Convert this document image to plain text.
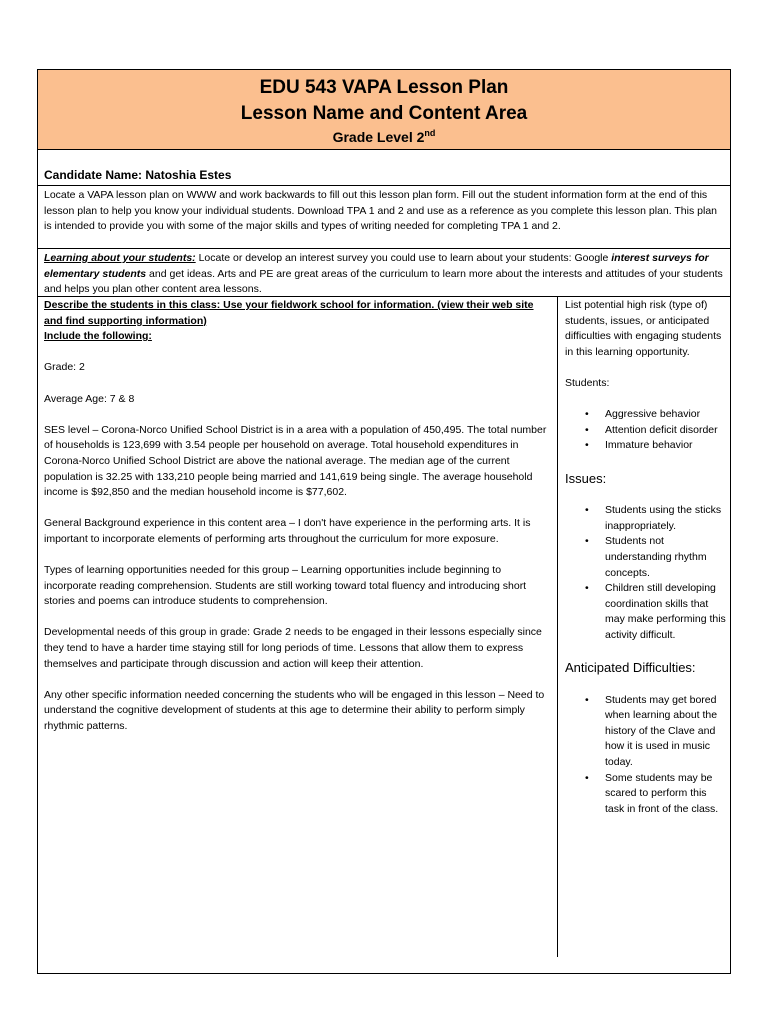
EDU 543 VAPA Lesson Plan
Lesson Name and Content Area
Grade Level 2nd
Candidate Name: Natoshia Estes
Locate a VAPA lesson plan on WWW and work backwards to fill out this lesson plan form. Fill out the student information form at the end of this lesson plan to help you know your individual students. Download TPA 1 and 2 and use as a reference as you complete this lesson plan. This plan is intended to provide you with some of the major skills and types of writing needed for completing TPA 1 and 2.
Learning about your students: Locate or develop an interest survey you could use to learn about your students: Google interest surveys for elementary students and get ideas. Arts and PE are great areas of the curriculum to learn more about the interests and attitudes of your students and helps you plan other content area lessons.

Describe the students in this class: Use your fieldwork school for information. (view their web site and find supporting information)

Include the following:

Grade: 2

Average Age: 7 & 8

SES level – Corona-Norco Unified School District is in a area with a population of 450,495. The total number of households is 123,699 with 3.54 people per household on average. Total household expenditures in Corona-Norco Unified School District are above the national average. The median age of the current population is 32.25 with 133,210 people being married and 141,619 being single. The average household income is $92,850 and the median household income is $77,602.

General Background experience in this content area – I don't have experience in the performing arts. It is important to incorporate elements of performing arts throughout the curriculum for more exposure.

Types of learning opportunities needed for this group – Learning opportunities include beginning to incorporate reading comprehension. Students are still working toward total fluency and introducing short stories and poems can introduce students to comprehension.

Developmental needs of this group in grade: Grade 2 needs to be engaged in their lessons especially since they tend to have a harder time staying still for long periods of time. Lessons that allow them to express themselves and participate through discussion and action will keep their attention.

Any other specific information needed concerning the students who will be engaged in this lesson – Need to understand the cognitive development of students at this age to determine their ability to perform simply rhythmic patterns.

List potential high risk (type of) students, issues, or anticipated difficulties with engaging students in this learning opportunity.

Students:

• Aggressive behavior
• Attention deficit disorder
• Immature behavior

Issues:

• Students using the sticks inappropriately.
• Students not understanding rhythm concepts.
• Children still developing coordination skills that may make performing this activity difficult.

Anticipated Difficulties:

• Students may get bored when learning about the history of the Clave and how it is used in music today.
• Some students may be scared to perform this task in front of the class.
